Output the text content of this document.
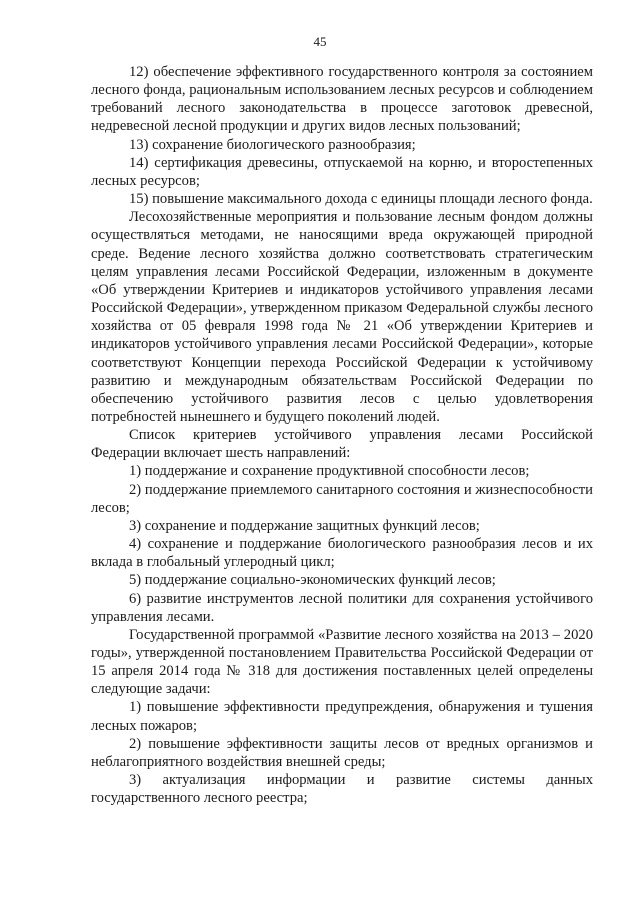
45

12) обеспечение эффективного государственного контроля за состоянием лесного фонда, рациональным использованием лесных ресурсов и соблюдением требований лесного законодательства в процессе заготовок древесной, недревесной лесной продукции и других видов лесных пользований;

13) сохранение биологического разнообразия;

14) сертификация древесины, отпускаемой на корню, и второстепенных лесных ресурсов;

15) повышение максимального дохода с единицы площади лесного фонда.

Лесохозяйственные мероприятия и пользование лесным фондом должны осуществляться методами, не наносящими вреда окружающей природной среде. Ведение лесного хозяйства должно соответствовать стратегическим целям управления лесами Российской Федерации, изложенным в документе «Об утверждении Критериев и индикаторов устойчивого управления лесами Российской Федерации», утвержденном приказом Федеральной службы лесного хозяйства от 05 февраля 1998 года № 21 «Об утверждении Критериев и индикаторов устойчивого управления лесами Российской Федерации», которые соответствуют Концепции перехода Российской Федерации к устойчивому развитию и международным обязательствам Российской Федерации по обеспечению устойчивого развития лесов с целью удовлетворения потребностей нынешнего и будущего поколений людей.

Список критериев устойчивого управления лесами Российской Федерации включает шесть направлений:

1) поддержание и сохранение продуктивной способности лесов;

2) поддержание приемлемого санитарного состояния и жизнеспособности лесов;

3) сохранение и поддержание защитных функций лесов;

4) сохранение и поддержание биологического разнообразия лесов и их вклада в глобальный углеродный цикл;

5) поддержание социально-экономических функций лесов;

6) развитие инструментов лесной политики для сохранения устойчивого управления лесами.

Государственной программой «Развитие лесного хозяйства на 2013 – 2020 годы», утвержденной постановлением Правительства Российской Федерации от 15 апреля 2014 года № 318 для достижения поставленных целей определены следующие задачи:

1) повышение эффективности предупреждения, обнаружения и тушения лесных пожаров;

2) повышение эффективности защиты лесов от вредных организмов и неблагоприятного воздействия внешней среды;

3) актуализация информации и развитие системы данных государственного лесного реестра;
